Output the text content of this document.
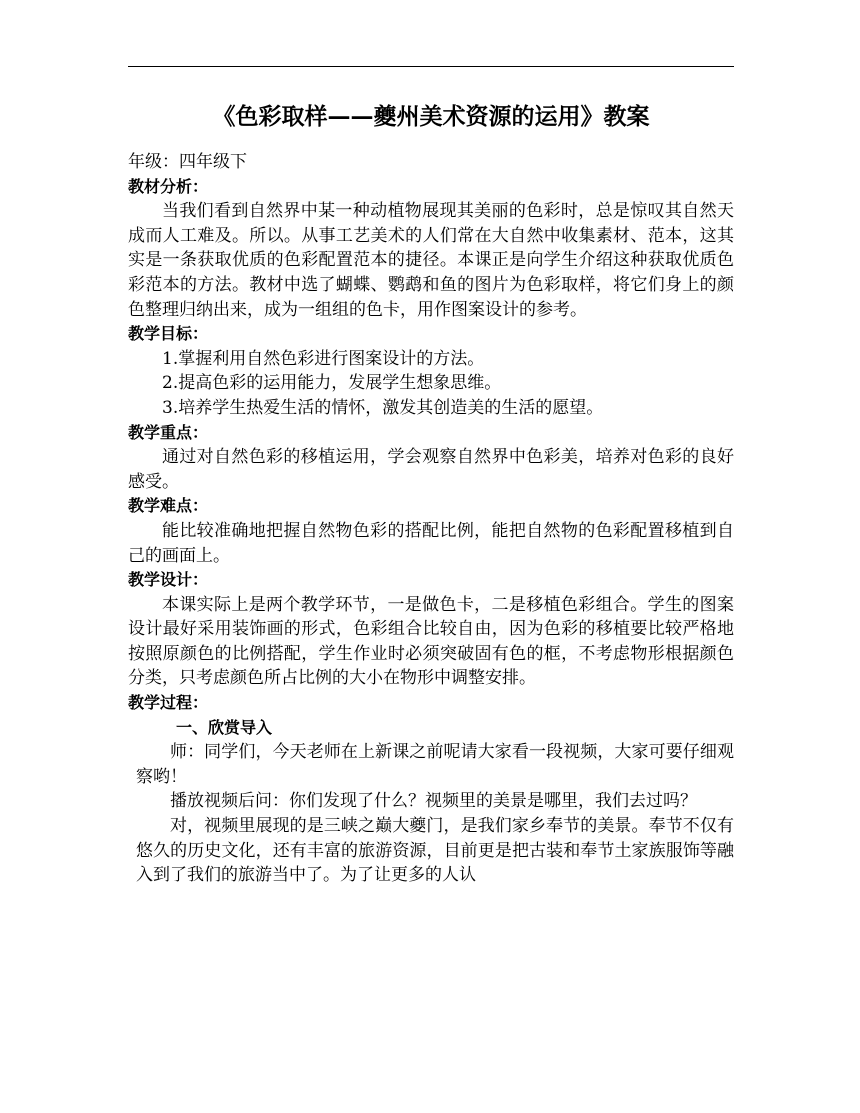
《色彩取样——夔州美术资源的运用》教案

年级：四年级下

教材分析：

当我们看到自然界中某一种动植物展现其美丽的色彩时，总是惊叹其自然天成而人工难及。所以。从事工艺美术的人们常在大自然中收集素材、范本，这其实是一条获取优质的色彩配置范本的捷径。本课正是向学生介绍这种获取优质色彩范本的方法。教材中选了蝴蝶、鹦鹉和鱼的图片为色彩取样，将它们身上的颜色整理归纳出来，成为一组组的色卡，用作图案设计的参考。

教学目标：

1.掌握利用自然色彩进行图案设计的方法。

2.提高色彩的运用能力，发展学生想象思维。

3.培养学生热爱生活的情怀，激发其创造美的生活的愿望。

教学重点：

通过对自然色彩的移植运用，学会观察自然界中色彩美，培养对色彩的良好感受。

教学难点：

能比较准确地把握自然物色彩的搭配比例，能把自然物的色彩配置移植到自己的画面上。

教学设计：

本课实际上是两个教学环节，一是做色卡，二是移植色彩组合。学生的图案设计最好采用装饰画的形式，色彩组合比较自由，因为色彩的移植要比较严格地按照原颜色的比例搭配，学生作业时必须突破固有色的框，不考虑物形根据颜色分类，只考虑颜色所占比例的大小在物形中调整安排。

教学过程：

一、欣赏导入

师：同学们，今天老师在上新课之前呢请大家看一段视频，大家可要仔细观察哟！

播放视频后问：你们发现了什么？视频里的美景是哪里，我们去过吗？

对，视频里展现的是三峡之巅大夔门，是我们家乡奉节的美景。奉节不仅有悠久的历史文化，还有丰富的旅游资源，目前更是把古装和奉节土家族服饰等融入到了我们的旅游当中了。为了让更多的人认
